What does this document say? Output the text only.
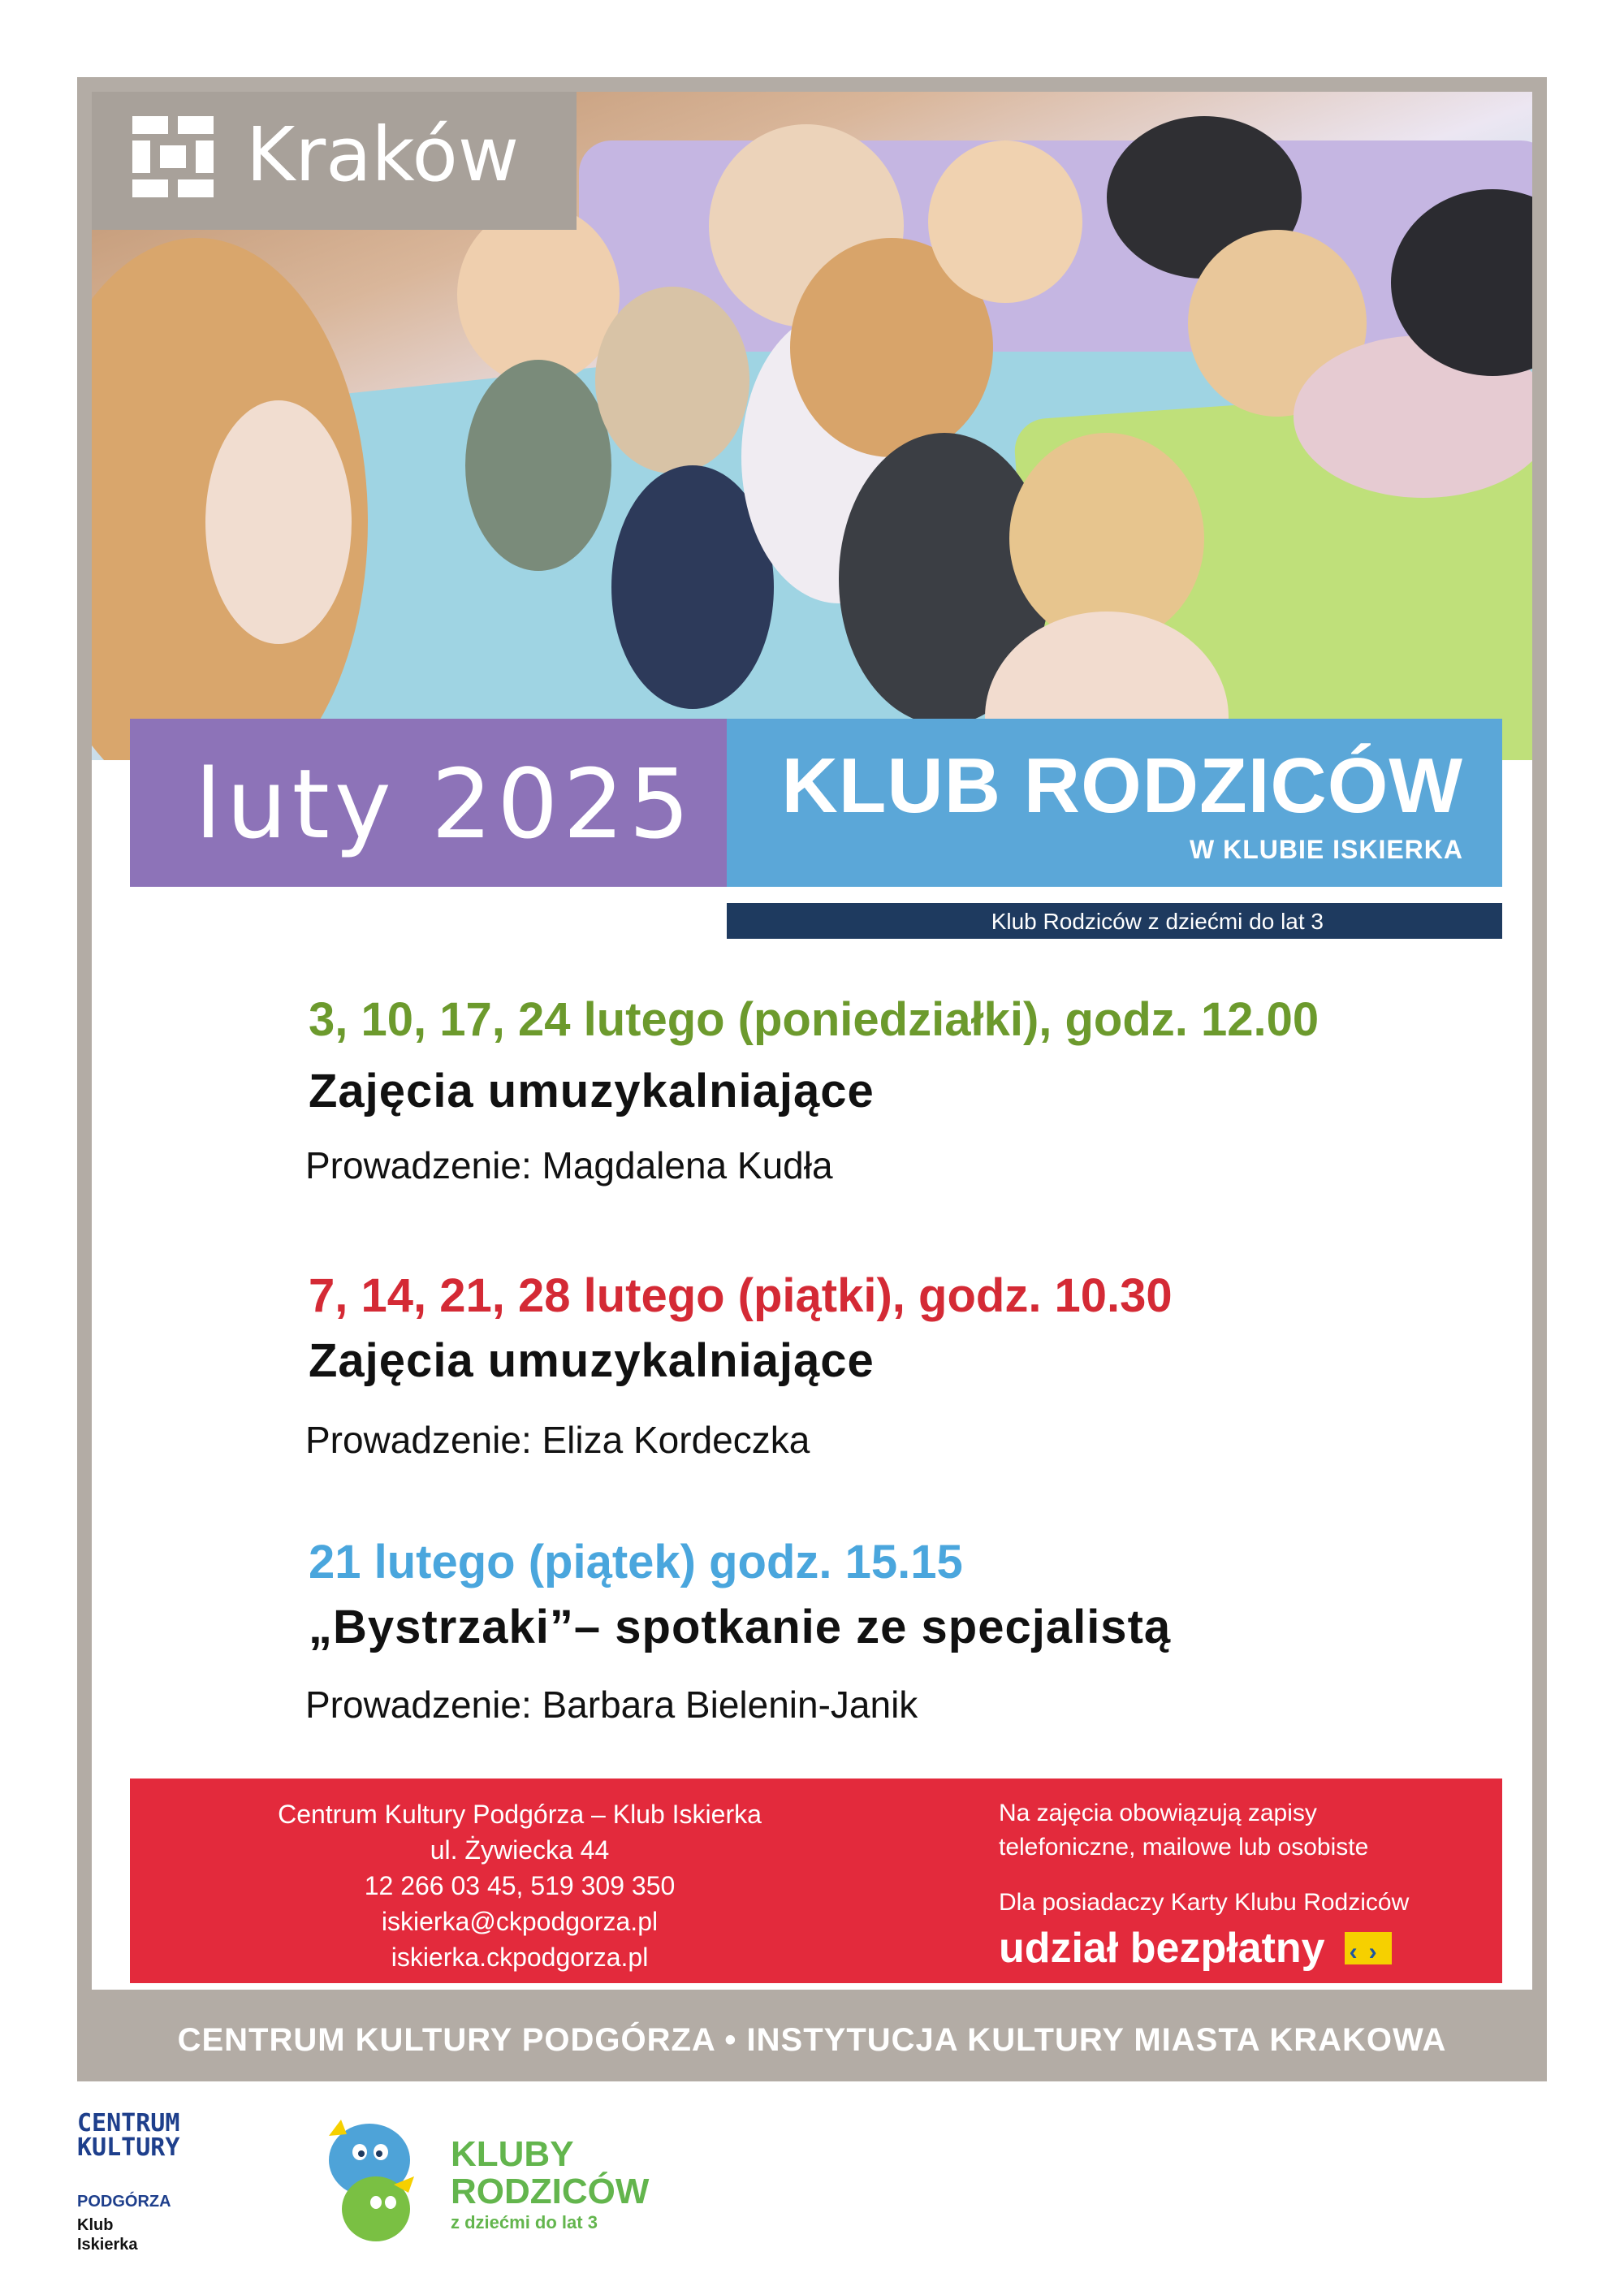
Kraków
luty 2025 KLUB RODZICÓW
W KLUBIE ISKIERKA
Klub Rodziców z dziećmi do lat 3
3, 10, 17, 24 lutego (poniedziałki), godz. 12.00
Zajęcia umuzykalniające
Prowadzenie: Magdalena Kudła
7, 14, 21, 28 lutego (piątki), godz. 10.30
Zajęcia umuzykalniające
Prowadzenie: Eliza Kordeczka
21 lutego (piątek) godz. 15.15
„Bystrzaki”– spotkanie ze specjalistą
Prowadzenie: Barbara Bielenin-Janik
Centrum Kultury Podgórza – Klub Iskierka
ul. Żywiecka 44
12 266 03 45, 519 309 350
iskierka@ckpodgorza.pl
iskierka.ckpodgorza.pl
Na zajęcia obowiązują zapisy
telefoniczne, mailowe lub osobiste
Dla posiadaczy Karty Klubu Rodziców
udział bezpłatny ‹ ›
CENTRUM KULTURY PODGÓRZA • INSTYTUCJA KULTURY MIASTA KRAKOWA
CENTRUM
KULTURY
PODGÓRZA
Klub
Iskierka
KLUBY
RODZICÓW
z dziećmi do lat 3
